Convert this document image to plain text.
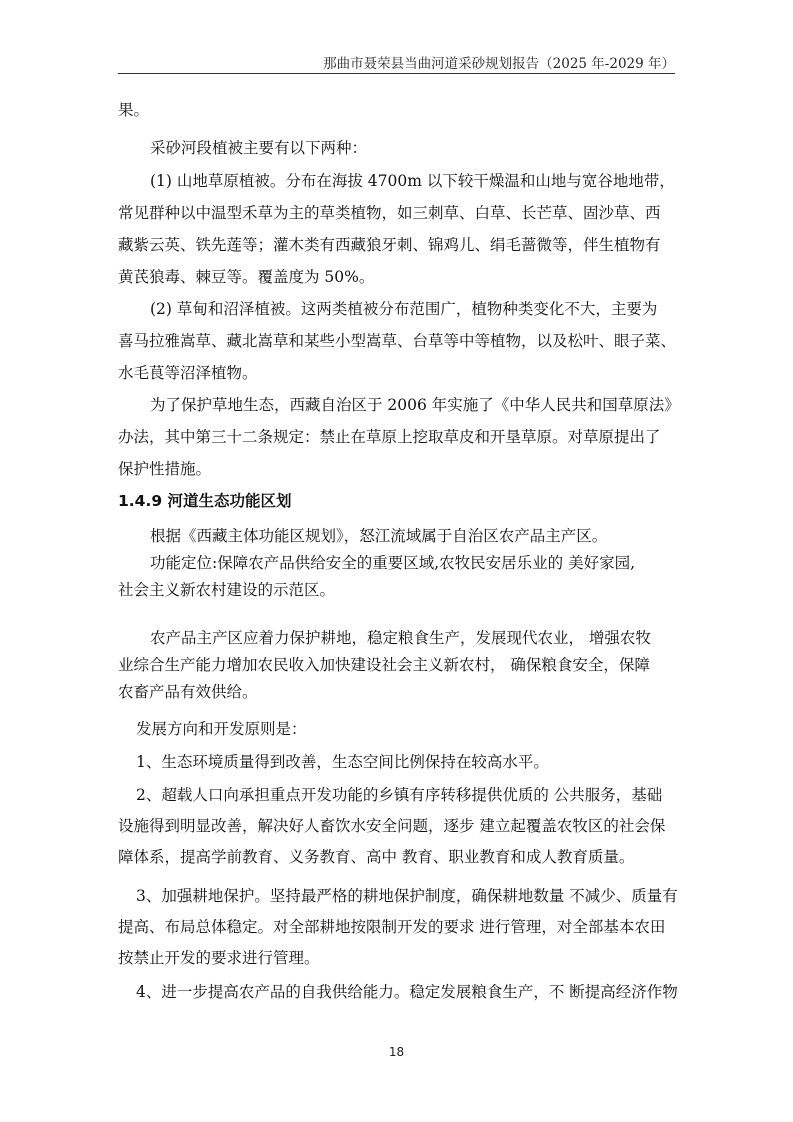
那曲市聂荣县当曲河道采砂规划报告（2025 年-2029 年）
果。
采砂河段植被主要有以下两种：
(1) 山地草原植被。分布在海拔 4700m 以下较干燥温和山地与宽谷地地带，
常见群种以中温型禾草为主的草类植物，如三刺草、白草、长芒草、固沙草、西
藏紫云英、铁先莲等；灌木类有西藏狼牙刺、锦鸡儿、绢毛蔷微等，伴生植物有
黄芪狼毒、棘豆等。覆盖度为 50%。
(2) 草甸和沼泽植被。这两类植被分布范围广，植物种类变化不大，主要为
喜马拉雅嵩草、藏北嵩草和某些小型嵩草、台草等中等植物，以及松叶、眼子菜、
水毛茛等沼泽植物。
为了保护草地生态，西藏自治区于 2006 年实施了《中华人民共和国草原法》
办法，其中第三十二条规定：禁止在草原上挖取草皮和开垦草原。对草原提出了
保护性措施。
1.4.9 河道生态功能区划
根据《西藏主体功能区规划》，怒江流域属于自治区农产品主产区。
功能定位:保障农产品供给安全的重要区域,农牧民安居乐业的 美好家园,
社会主义新农村建设的示范区。
农产品主产区应着力保护耕地，稳定粮食生产，发展现代农业， 增强农牧
业综合生产能力增加农民收入加快建设社会主义新农村， 确保粮食安全，保障
农畜产品有效供给。
发展方向和开发原则是：
1、生态环境质量得到改善，生态空间比例保持在较高水平。
2、超载人口向承担重点开发功能的乡镇有序转移提供优质的 公共服务，基础
设施得到明显改善，解决好人畜饮水安全问题，逐步 建立起覆盖农牧区的社会保
障体系，提高学前教育、义务教育、高中 教育、职业教育和成人教育质量。
3、加强耕地保护。坚持最严格的耕地保护制度，确保耕地数量 不减少、质量有
提高、布局总体稳定。对全部耕地按限制开发的要求 进行管理，对全部基本农田
按禁止开发的要求进行管理。
4、进一步提高农产品的自我供给能力。稳定发展粮食生产，不 断提高经济作物
18
